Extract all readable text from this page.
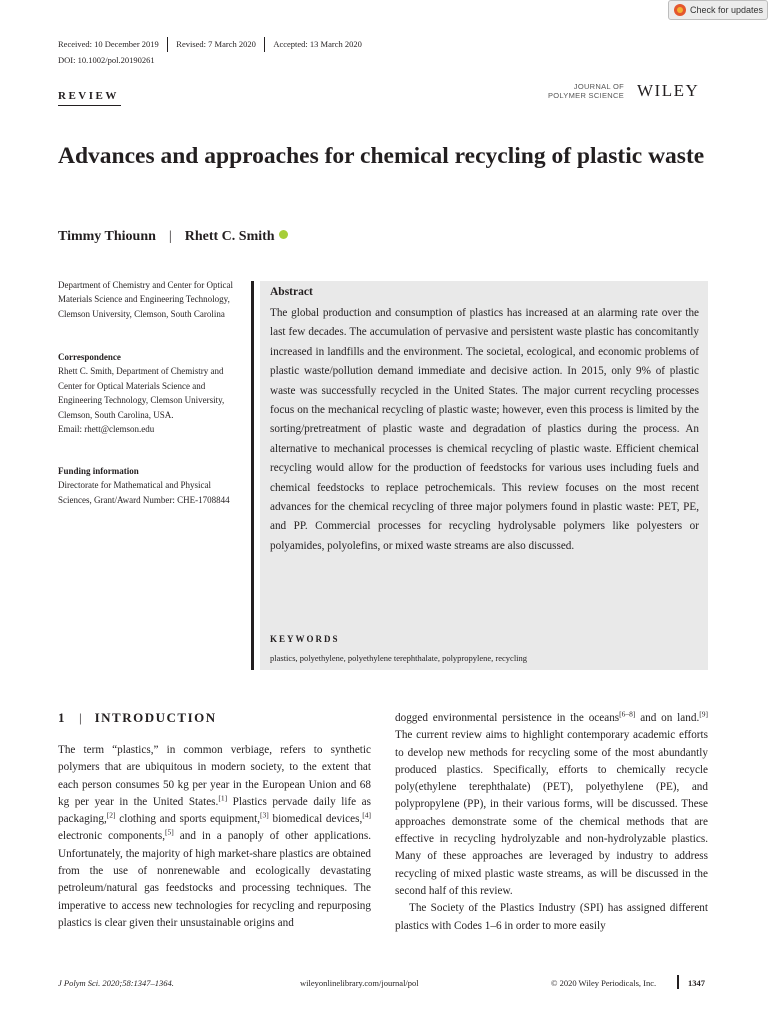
Check for updates
Received: 10 December 2019 Revised: 7 March 2020 Accepted: 13 March 2020
DOI: 10.1002/pol.20190261
REVIEW
JOURNAL OF
POLYMER SCIENCE WILEY
Advances and approaches for chemical recycling of plastic waste
Timmy Thiounn | Rhett C. Smith
Department of Chemistry and Center for Optical Materials Science and Engineering Technology, Clemson University, Clemson, South Carolina
Correspondence
Rhett C. Smith, Department of Chemistry and Center for Optical Materials Science and Engineering Technology, Clemson University, Clemson, South Carolina, USA.
Email: rhett@clemson.edu
Funding information
Directorate for Mathematical and Physical Sciences, Grant/Award Number: CHE-1708844
Abstract
The global production and consumption of plastics has increased at an alarming rate over the last few decades. The accumulation of pervasive and persistent waste plastic has concomitantly increased in landfills and the environment. The societal, ecological, and economic problems of plastic waste/pollution demand immediate and decisive action. In 2015, only 9% of plastic waste was successfully recycled in the United States. The major current recycling processes focus on the mechanical recycling of plastic waste; however, even this process is limited by the sorting/pretreatment of plastic waste and degradation of plastics during the process. An alternative to mechanical processes is chemical recycling of plastic waste. Efficient chemical recycling would allow for the production of feedstocks for various uses including fuels and chemical feedstocks to replace petrochemicals. This review focuses on the most recent advances for the chemical recycling of three major polymers found in plastic waste: PET, PE, and PP. Commercial processes for recycling hydrolysable polymers like polyesters or polyamides, polyolefins, or mixed waste streams are also discussed.
KEYWORDS
plastics, polyethylene, polyethylene terephthalate, polypropylene, recycling
1 | INTRODUCTION

The term “plastics,” in common verbiage, refers to synthetic polymers that are ubiquitous in modern society, to the extent that each person consumes 50 kg per year in the European Union and 68 kg per year in the United States.[1] Plastics pervade daily life as packaging,[2] clothing and sports equipment,[3] biomedical devices,[4] electronic components,[5] and in a panoply of other applications. Unfortunately, the majority of high market-share plastics are obtained from the use of nonrenewable and ecologically devastating petroleum/natural gas feedstocks and processing techniques. The imperative to access new technologies for recycling and repurposing plastics is clear given their unsustainable origins and

dogged environmental persistence in the oceans[6–8] and on land.[9] The current review aims to highlight contemporary academic efforts to develop new methods for recycling some of the most abundantly produced plastics. Specifically, efforts to chemically recycle poly(ethylene terephthalate) (PET), polyethylene (PE), and polypropylene (PP), in their various forms, will be discussed. These approaches demonstrate some of the chemical methods that are effective in recycling hydrolyzable and non-hydrolyzable plastics. Many of these approaches are leveraged by industry to address recycling of mixed plastic waste streams, as will be discussed in the second half of this review.

The Society of the Plastics Industry (SPI) has assigned different plastics with Codes 1–6 in order to more easily

J Polym Sci. 2020;58:1347–1364.	wileyonlinelibrary.com/journal/pol	© 2020 Wiley Periodicals, Inc.	1347
